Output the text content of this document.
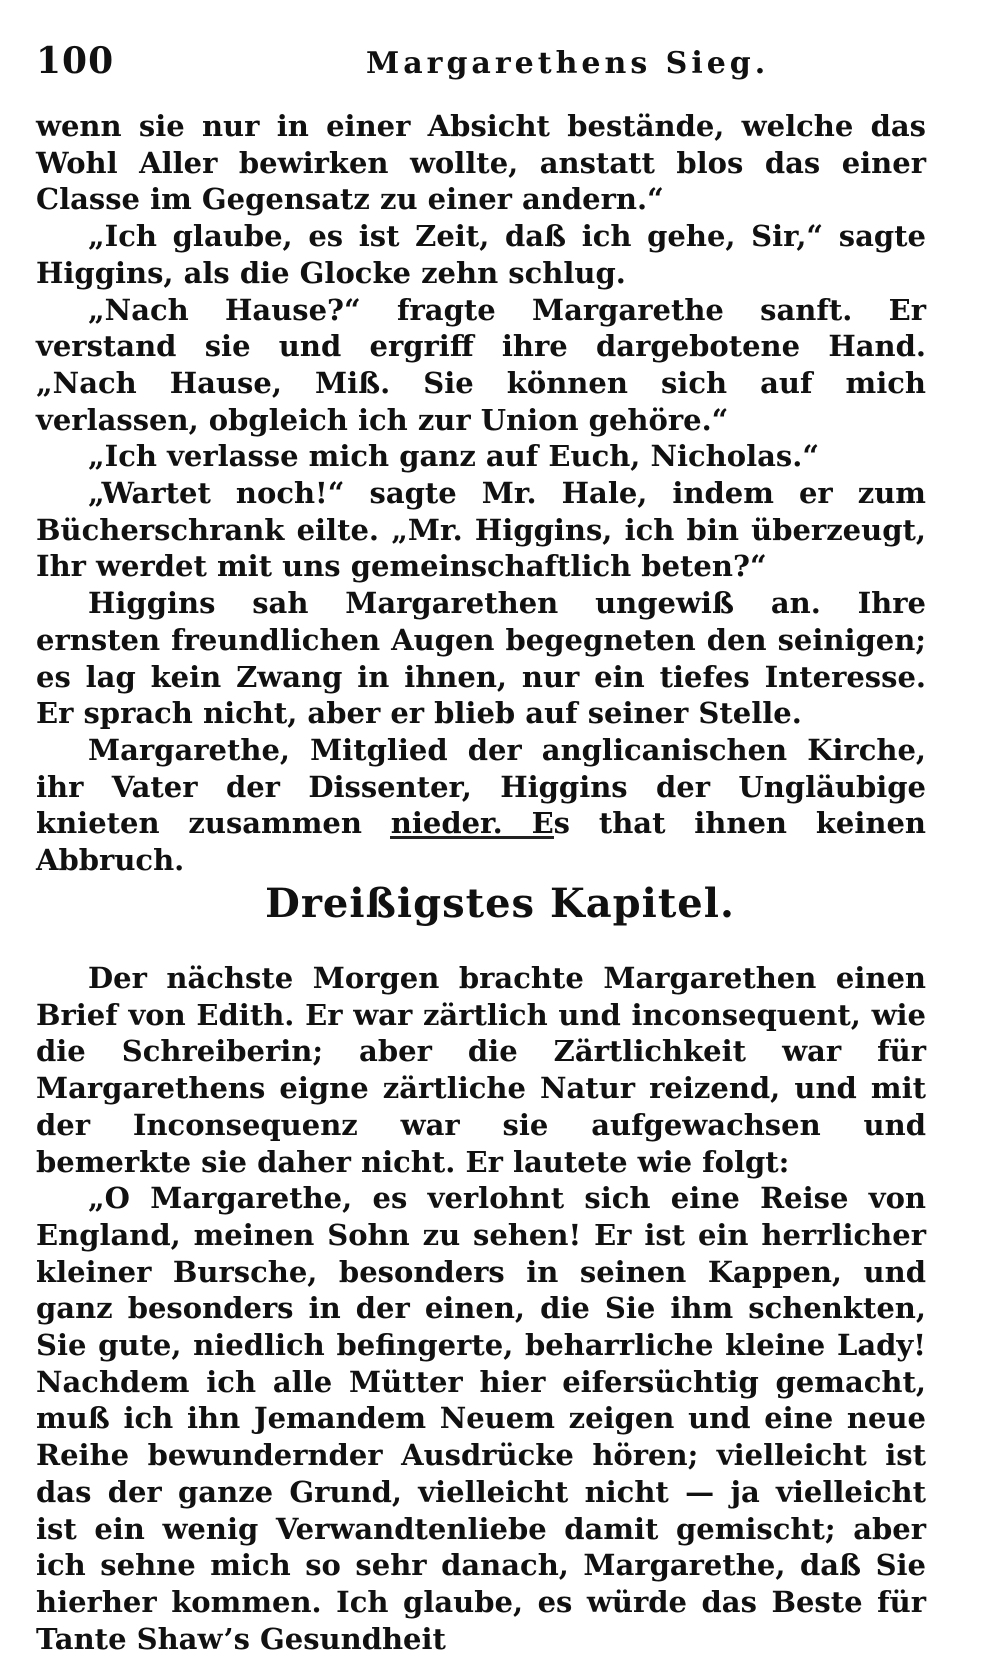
100	Margarethens Sieg.

wenn sie nur in einer Absicht bestände, welche das Wohl Aller bewirken wollte, anstatt blos das einer Classe im Gegensatz zu einer andern.“

„Ich glaube, es ist Zeit, daß ich gehe, Sir,“ sagte Higgins, als die Glocke zehn schlug.

„Nach Hause?“ fragte Margarethe sanft. Er verstand sie und ergriff ihre dargebotene Hand. „Nach Hause, Miß. Sie können sich auf mich verlassen, obgleich ich zur Union gehöre.“

„Ich verlasse mich ganz auf Euch, Nicholas.“

„Wartet noch!“ sagte Mr. Hale, indem er zum Bücherschrank eilte. „Mr. Higgins, ich bin überzeugt, Ihr werdet mit uns gemeinschaftlich beten?“

Higgins sah Margarethen ungewiß an. Ihre ernsten freundlichen Augen begegneten den seinigen; es lag kein Zwang in ihnen, nur ein tiefes Interesse. Er sprach nicht, aber er blieb auf seiner Stelle.

Margarethe, Mitglied der anglicanischen Kirche, ihr Vater der Dissenter, Higgins der Ungläubige knieten zusammen nieder. Es that ihnen keinen Abbruch.

Dreißigstes Kapitel.

Der nächste Morgen brachte Margarethen einen Brief von Edith. Er war zärtlich und inconsequent, wie die Schreiberin; aber die Zärtlichkeit war für Margarethens eigne zärtliche Natur reizend, und mit der Inconsequenz war sie aufgewachsen und bemerkte sie daher nicht. Er lautete wie folgt:

„O Margarethe, es verlohnt sich eine Reise von England, meinen Sohn zu sehen! Er ist ein herrlicher kleiner Bursche, besonders in seinen Kappen, und ganz besonders in der einen, die Sie ihm schenkten, Sie gute, niedlich befingerte, beharrliche kleine Lady! Nachdem ich alle Mütter hier eifersüchtig gemacht, muß ich ihn Jemandem Neuem zeigen und eine neue Reihe bewundernder Ausdrücke hören; vielleicht ist das der ganze Grund, vielleicht nicht — ja vielleicht ist ein wenig Verwandtenliebe damit gemischt; aber ich sehne mich so sehr danach, Margarethe, daß Sie hierher kommen. Ich glaube, es würde das Beste für Tante Shaw’s Gesundheit
